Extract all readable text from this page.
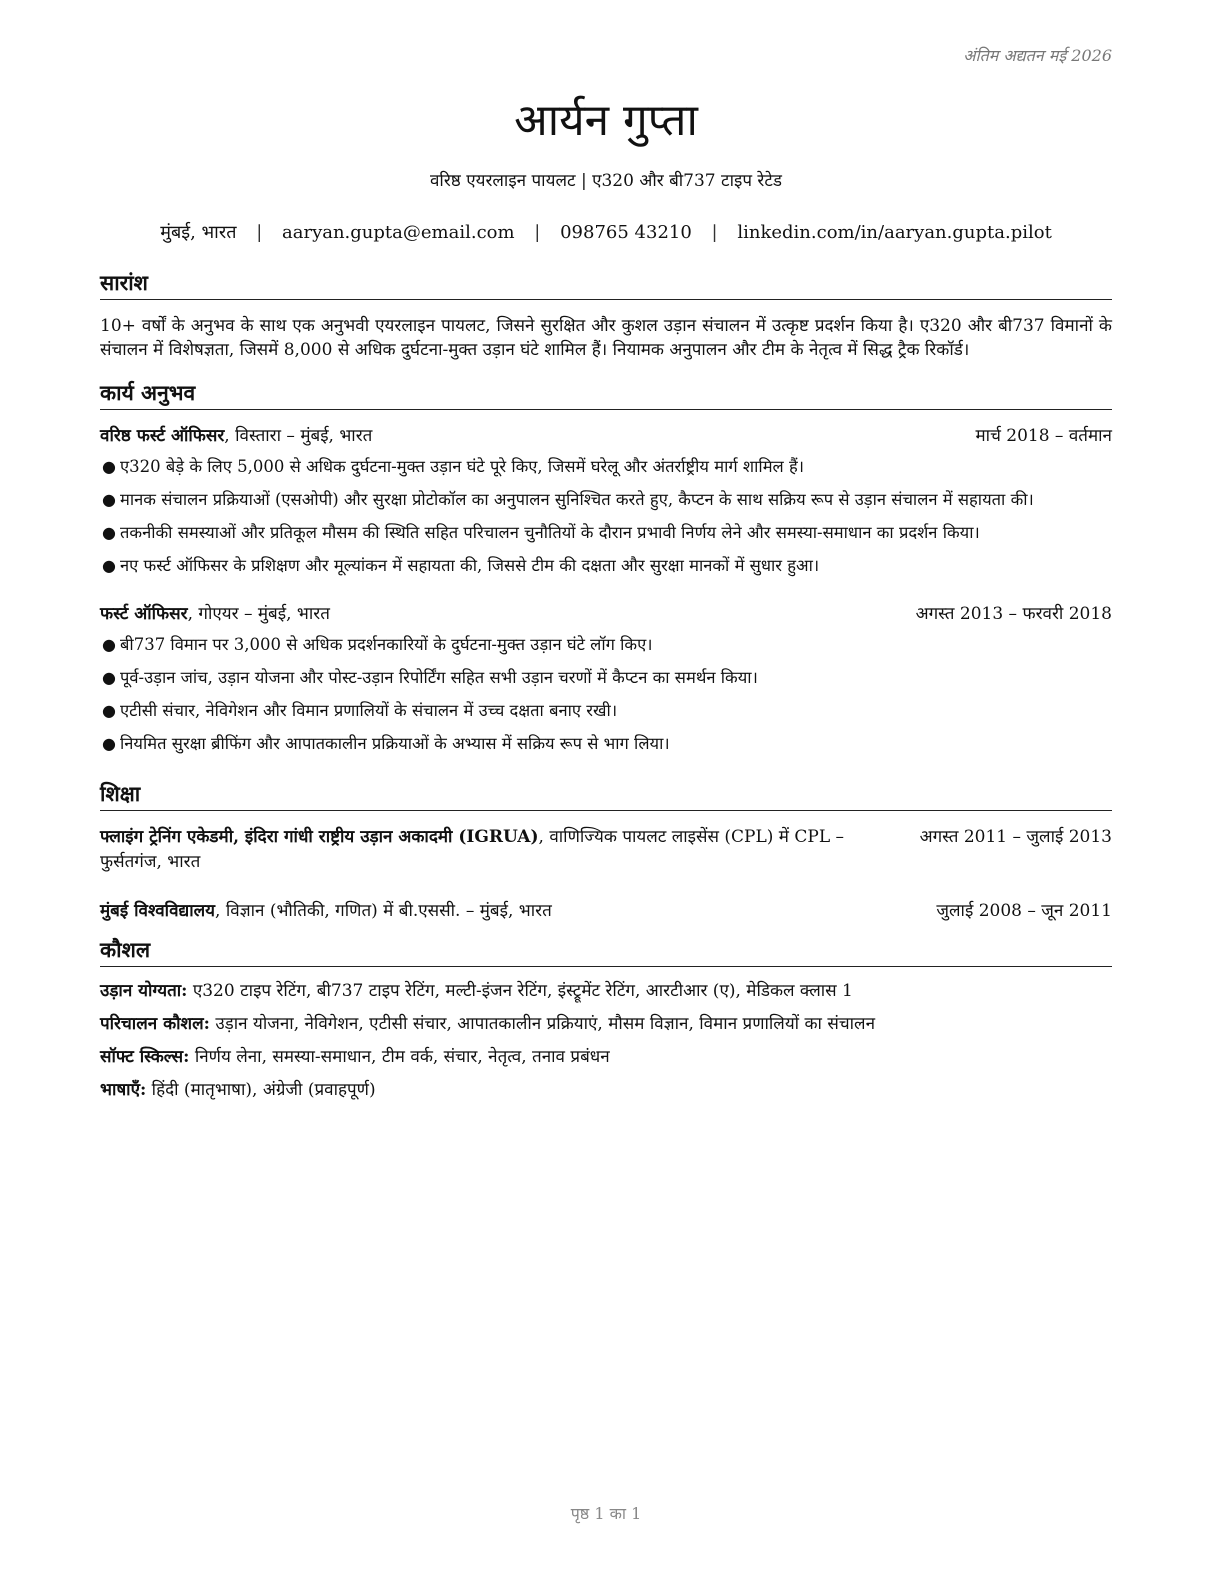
अंतिम अद्यतन मई 2026
आर्यन गुप्ता
वरिष्ठ एयरलाइन पायलट | ए320 और बी737 टाइप रेटेड
मुंबई, भारत | aaryan.gupta@email.com | 098765 43210 | linkedin.com/in/aaryan.gupta.pilot
सारांश
10+ वर्षों के अनुभव के साथ एक अनुभवी एयरलाइन पायलट, जिसने सुरक्षित और कुशल उड़ान संचालन में उत्कृष्ट प्रदर्शन किया है। ए320 और बी737 विमानों के संचालन में विशेषज्ञता, जिसमें 8,000 से अधिक दुर्घटना-मुक्त उड़ान घंटे शामिल हैं। नियामक अनुपालन और टीम के नेतृत्व में सिद्ध ट्रैक रिकॉर्ड।
कार्य अनुभव
वरिष्ठ फर्स्ट ऑफिसर, विस्तारा – मुंबई, भारत	मार्च 2018 – वर्तमान
● ए320 बेड़े के लिए 5,000 से अधिक दुर्घटना-मुक्त उड़ान घंटे पूरे किए, जिसमें घरेलू और अंतर्राष्ट्रीय मार्ग शामिल हैं।
● मानक संचालन प्रक्रियाओं (एसओपी) और सुरक्षा प्रोटोकॉल का अनुपालन सुनिश्चित करते हुए, कैप्टन के साथ सक्रिय रूप से उड़ान संचालन में सहायता की।
● तकनीकी समस्याओं और प्रतिकूल मौसम की स्थिति सहित परिचालन चुनौतियों के दौरान प्रभावी निर्णय लेने और समस्या-समाधान का प्रदर्शन किया।
● नए फर्स्ट ऑफिसर के प्रशिक्षण और मूल्यांकन में सहायता की, जिससे टीम की दक्षता और सुरक्षा मानकों में सुधार हुआ।
फर्स्ट ऑफिसर, गोएयर – मुंबई, भारत	अगस्त 2013 – फरवरी 2018
● बी737 विमान पर 3,000 से अधिक प्रदर्शनकारियों के दुर्घटना-मुक्त उड़ान घंटे लॉग किए।
● पूर्व-उड़ान जांच, उड़ान योजना और पोस्ट-उड़ान रिपोर्टिंग सहित सभी उड़ान चरणों में कैप्टन का समर्थन किया।
● एटीसी संचार, नेविगेशन और विमान प्रणालियों के संचालन में उच्च दक्षता बनाए रखी।
● नियमित सुरक्षा ब्रीफिंग और आपातकालीन प्रक्रियाओं के अभ्यास में सक्रिय रूप से भाग लिया।
शिक्षा
फ्लाइंग ट्रेनिंग एकेडमी, इंदिरा गांधी राष्ट्रीय उड़ान अकादमी (IGRUA), वाणिज्यिक पायलट लाइसेंस (CPL) में CPL – फुर्सतगंज, भारत
अगस्त 2011 – जुलाई 2013
मुंबई विश्वविद्यालय, विज्ञान (भौतिकी, गणित) में बी.एससी. – मुंबई, भारत	जुलाई 2008 – जून 2011
कौशल
उड़ान योग्यता: ए320 टाइप रेटिंग, बी737 टाइप रेटिंग, मल्टी-इंजन रेटिंग, इंस्ट्रूमेंट रेटिंग, आरटीआर (ए), मेडिकल क्लास 1
परिचालन कौशल: उड़ान योजना, नेविगेशन, एटीसी संचार, आपातकालीन प्रक्रियाएं, मौसम विज्ञान, विमान प्रणालियों का संचालन
सॉफ्ट स्किल्स: निर्णय लेना, समस्या-समाधान, टीम वर्क, संचार, नेतृत्व, तनाव प्रबंधन
भाषाएँ: हिंदी (मातृभाषा), अंग्रेजी (प्रवाहपूर्ण)
पृष्ठ 1 का 1
